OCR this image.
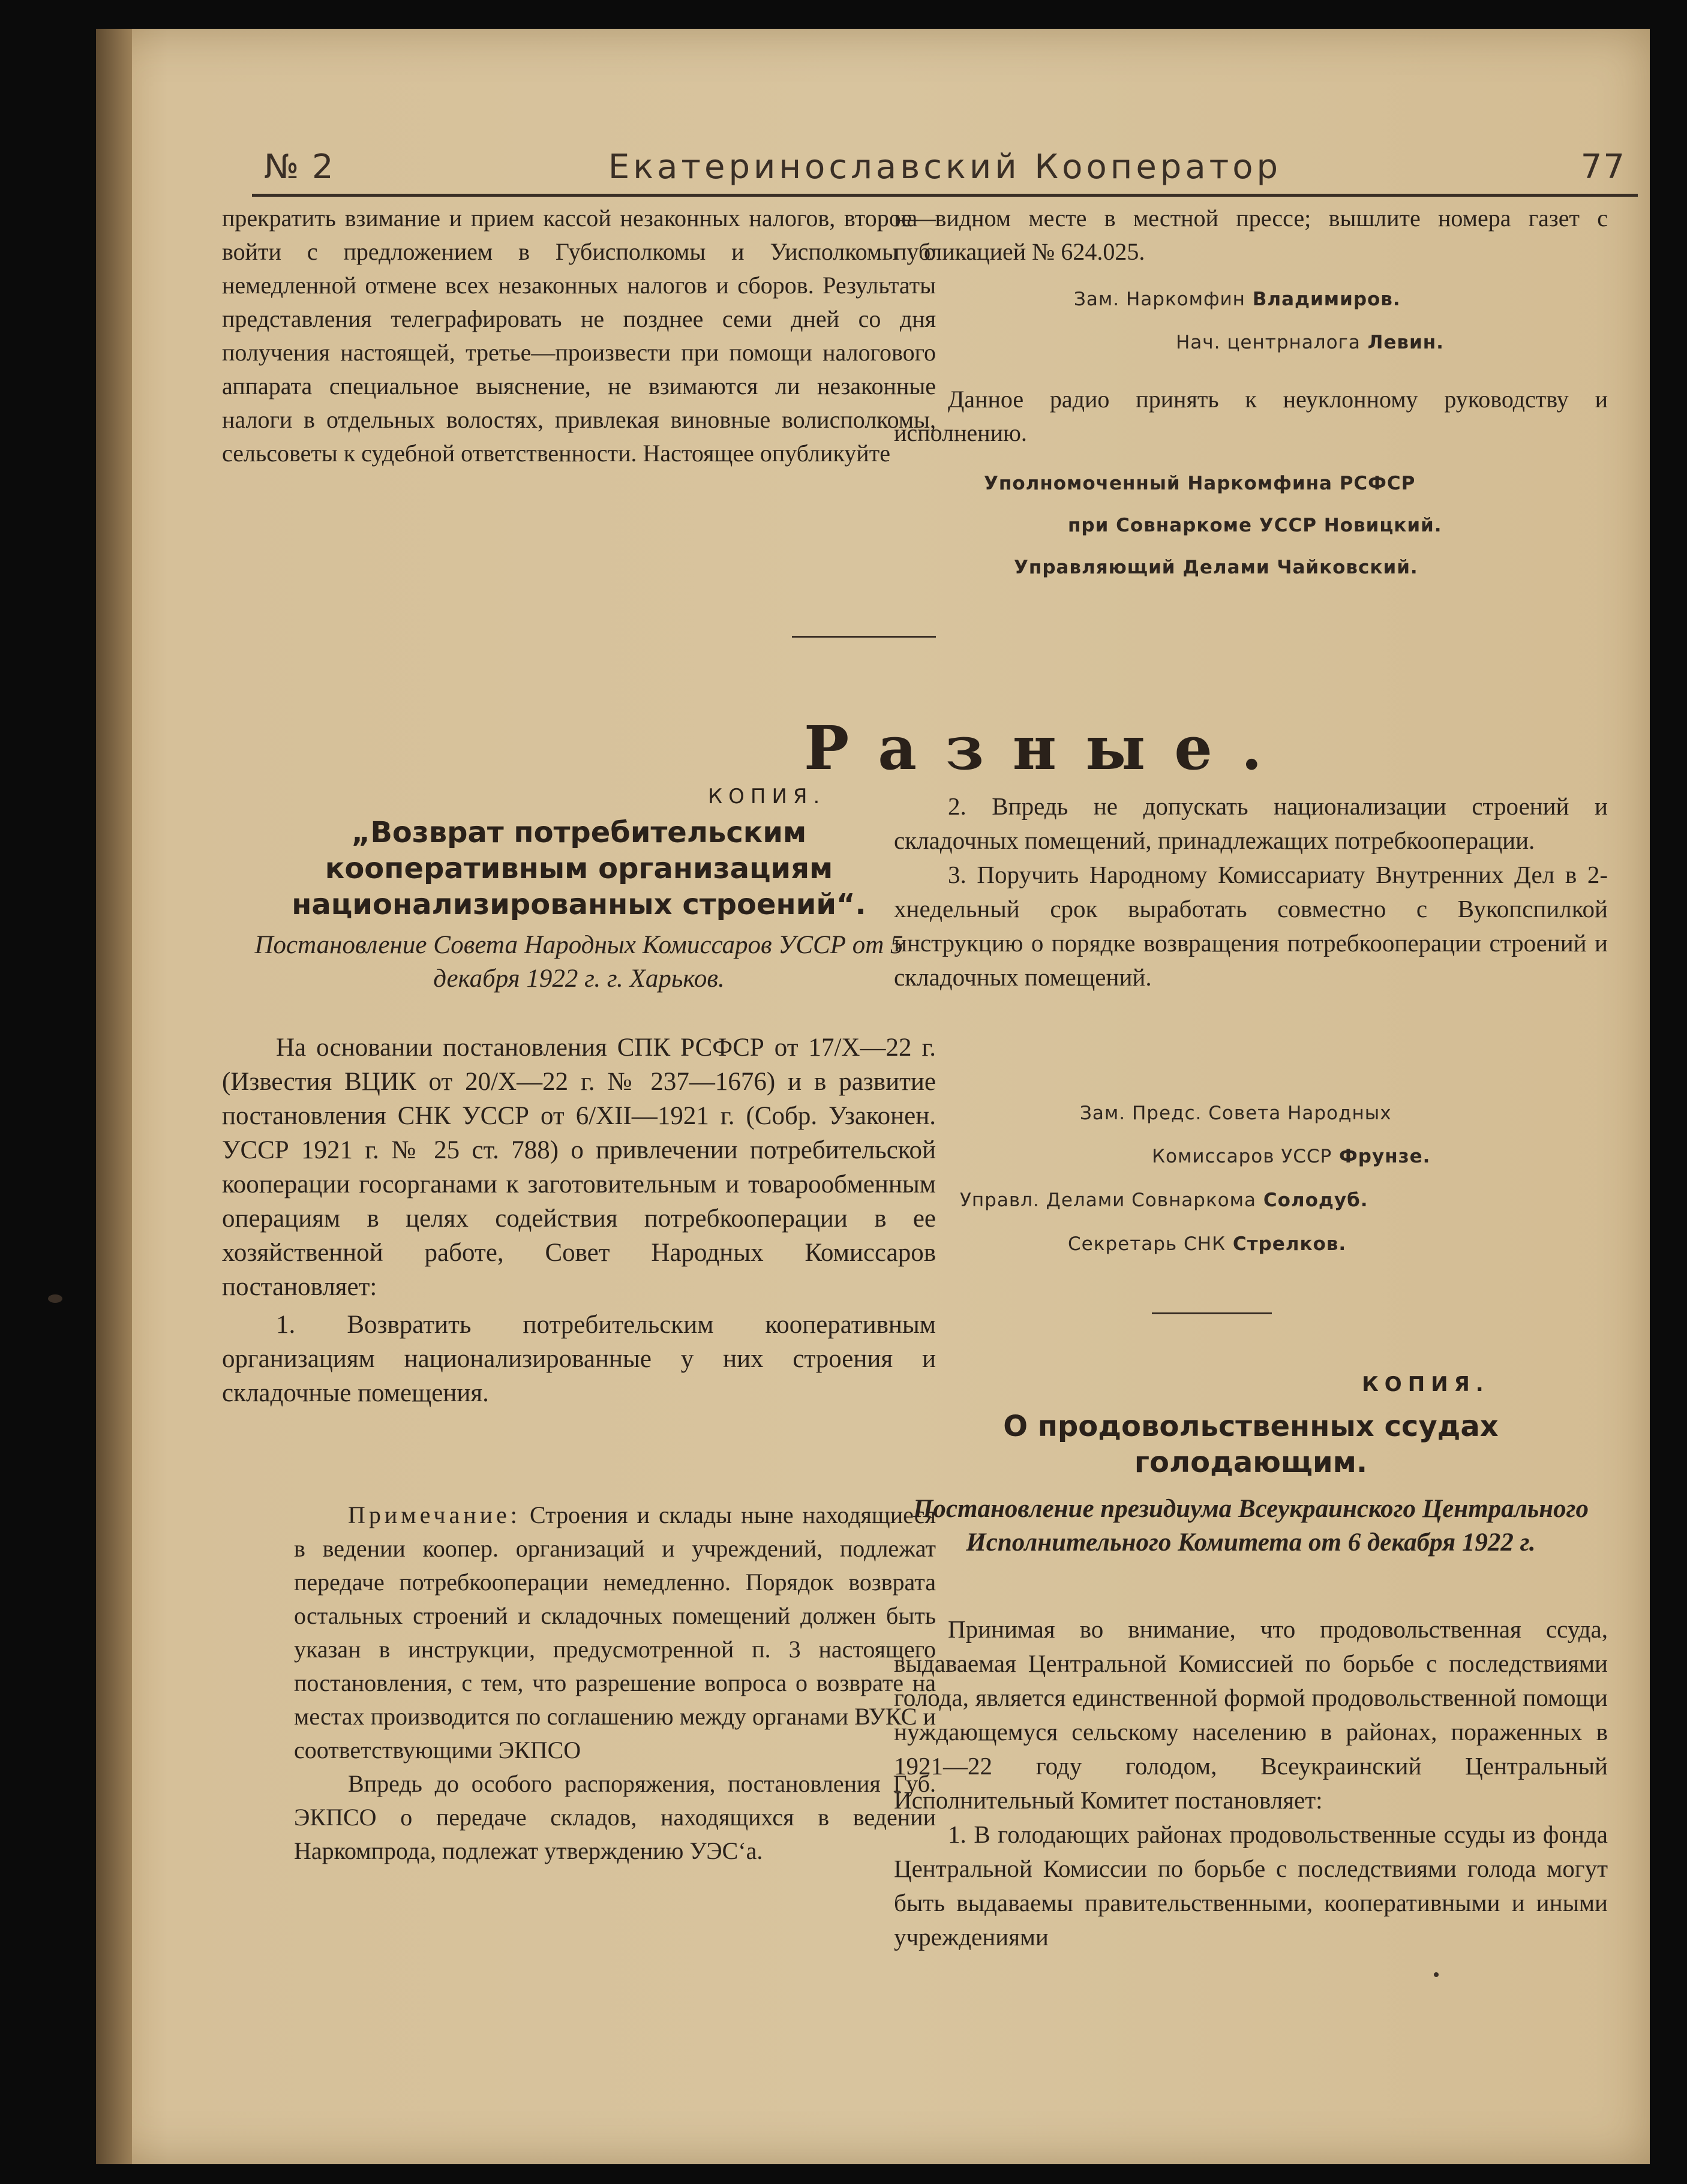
№ 2	Екатеринославский Кооператор	77

прекратить взимание и прием кассой незаконных налогов, второе—войти с предложением в Губисполкомы и Уисполкомы о немедленной отмене всех незаконных налогов и сборов. Результаты представления телеграфировать не позднее семи дней со дня получения настоящей, третье—произвести при помощи налогового аппарата специальное выяснение, не взимаются ли незаконные налоги в отдельных волостях, привлекая виновные волисполкомы, сельсоветы к судебной ответственности. Настоящее опубликуйте

на видном месте в местной прессе; вышлите номера газет с публикацией № 624.025.

Зам. Наркомфин Владимиров.
Нач. центрналога Левин.

Данное радио принять к неуклонному руководству и исполнению.

Уполномоченный Наркомфина РСФСР
при Совнаркоме УССР Новицкий.
Управляющий Делами Чайковский.
Разные.
КОПИЯ.
„Возврат потребительским кооперативным организациям национализированных строений“.
Постановление Совета Народных Комиссаров УССР от 5 декабря 1922 г. г. Харьков.

На основании постановления СПК РСФСР от 17/X—22 г. (Известия ВЦИК от 20/X—22 г. № 237—1676) и в развитие постановления СНК УССР от 6/XII—1921 г. (Собр. Узаконен. УССР 1921 г. № 25 ст. 788) о привлечении потребительской кооперации госорганами к заготовительным и товарообменным операциям в целях содействия потребкооперации в ее хозяйственной работе, Совет Народных Комиссаров постановляет:

1. Возвратить потребительским кооперативным организациям национализированные у них строения и складочные помещения.

Примечание: Строения и склады ныне находящиеся в ведении коопер. организаций и учреждений, подлежат передаче потребкооперации немедленно. Порядок возврата остальных строений и складочных помещений должен быть указан в инструкции, предусмотренной п. 3 настоящего постановления, с тем, что разрешение вопроса о возврате на местах производится по соглашению между органами ВУКС и соответствующими ЭКПСО

Впредь до особого распоряжения, постановления Губ. ЭКПСО о передаче складов, находящихся в ведении Наркомпрода, подлежат утверждению УЭС‘а.

2. Впредь не допускать национализации строений и складочных помещений, принадлежащих потребкооперации.

3. Поручить Народному Комиссариату Внутренних Дел в 2-хнедельный срок выработать совместно с Вукопспилкой инструкцию о порядке возвращения потребкооперации строений и складочных помещений.

Зам. Предс. Совета Народных
Комиссаров УССР Фрунзе.
Управл. Делами Совнаркома Солодуб.
Секретарь СНК Стрелков.
КОПИЯ.
О продовольственных ссудах голодающим.
Постановление президиума Всеукраинского Центрального Исполнительного Комитета от 6 декабря 1922 г.

Принимая во внимание, что продовольственная ссуда, выдаваемая Центральной Комиссией по борьбе с последствиями голода, является единственной формой продовольственной помощи нуждающемуся сельскому населению в районах, пораженных в 1921—22 году голодом, Всеукраинский Центральный Исполнительный Комитет постановляет:

1. В голодающих районах продовольственные ссуды из фонда Центральной Комиссии по борьбе с последствиями голода могут быть выдаваемы правительственными, кооперативными и иными учреждениями
